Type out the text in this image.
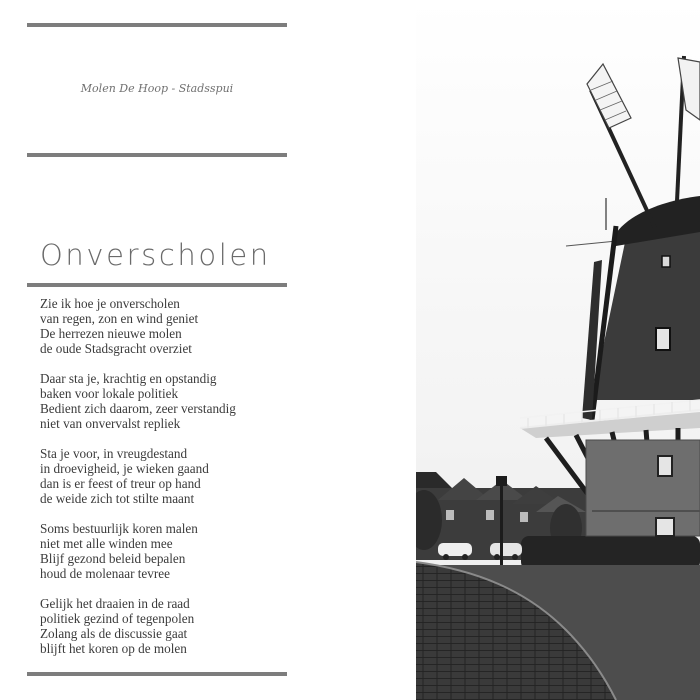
Molen De Hoop - Stadsspui
Onverscholen
Zie ik hoe je onverscholen
van regen, zon en wind geniet
De herrezen nieuwe molen
de oude Stadsgracht overziet
Daar sta je, krachtig en opstandig
baken voor lokale politiek
Bedient zich daarom, zeer verstandig
niet van onvervalst repliek
Sta je voor, in vreugdestand
in droevigheid, je wieken gaand
dan is er feest of treur op hand
de weide zich tot stilte maant
Soms bestuurlijk koren malen
niet met alle winden mee
Blijf gezond beleid bepalen
houd de molenaar tevree
Gelijk het draaien in de raad
politiek gezind of tegenpolen
Zolang als de discussie gaat
blijft het koren op de molen
